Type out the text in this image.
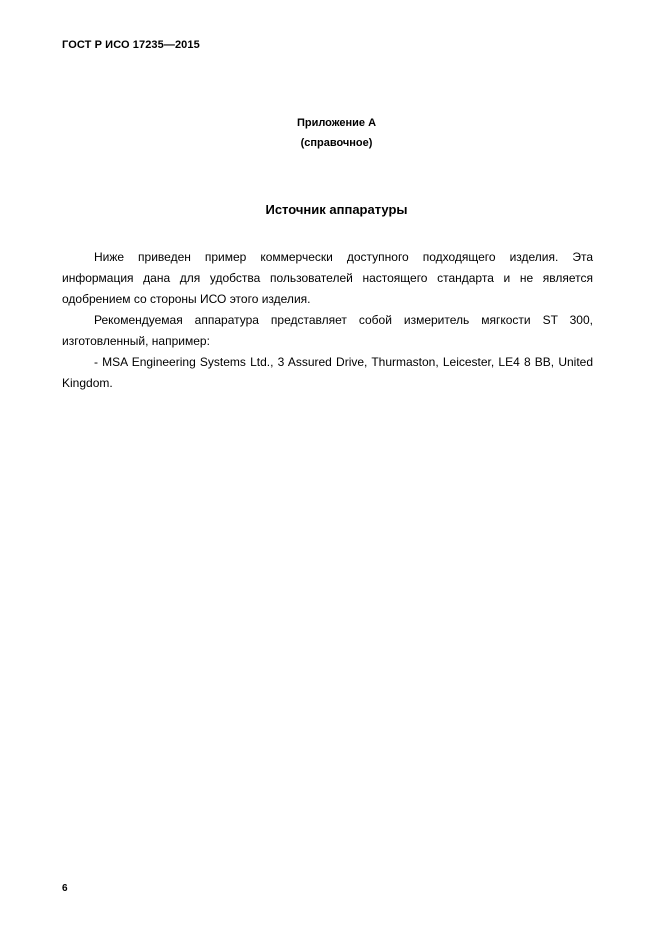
ГОСТ Р ИСО 17235—2015
Приложение А
(справочное)
Источник аппаратуры

Ниже приведен пример коммерчески доступного подходящего изделия. Эта информация дана для удобства пользователей настоящего стандарта и не является одобрением со стороны ИСО этого изделия.

Рекомендуемая аппаратура представляет собой измеритель мягкости ST 300, изготовленный, например:

- MSA Engineering Systems Ltd., 3 Assured Drive, Thurmaston, Leicester, LE4 8 BB, United Kingdom.

6
